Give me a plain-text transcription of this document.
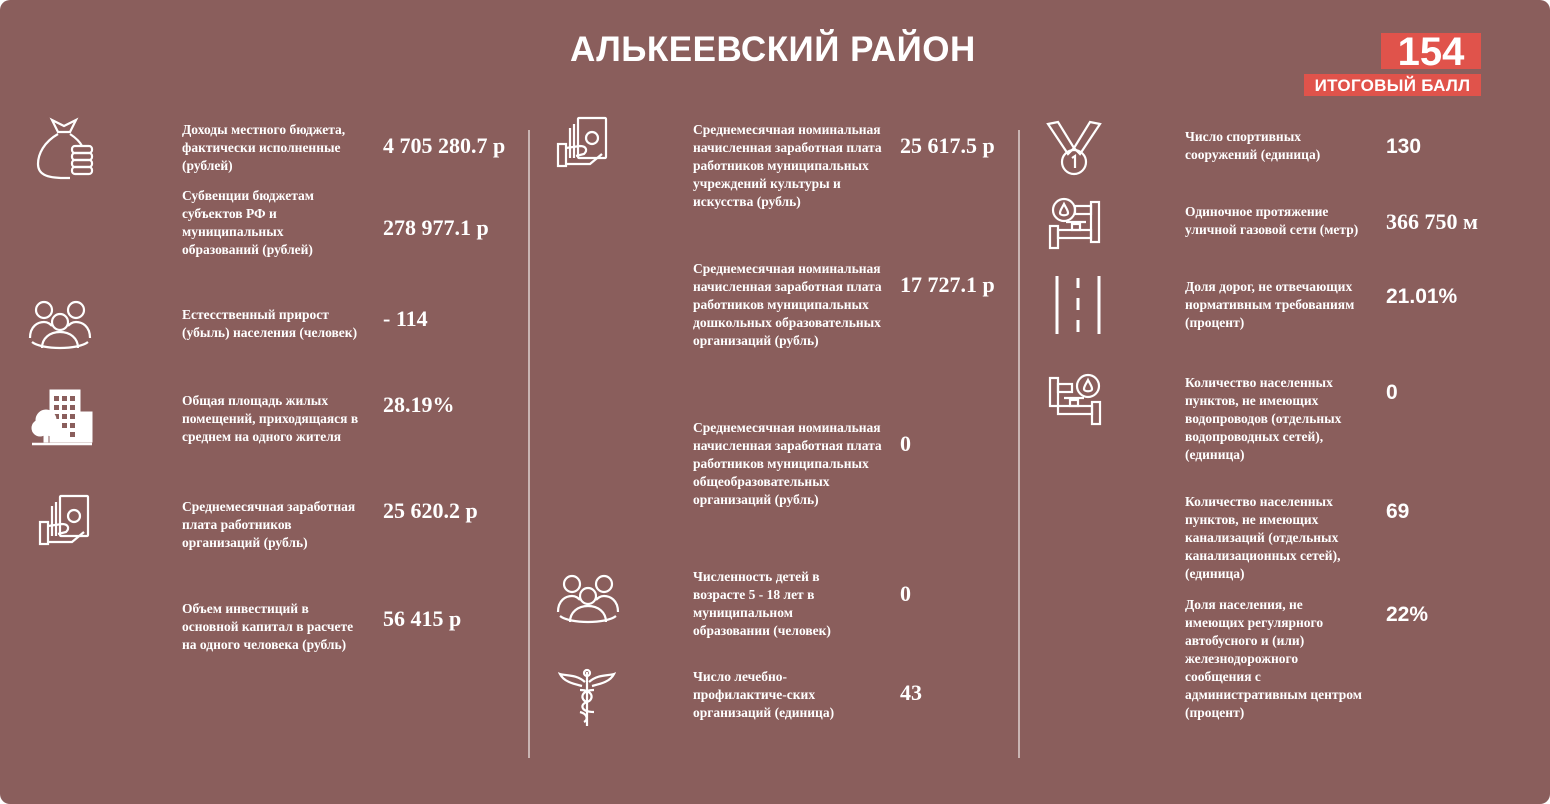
АЛЬКЕЕВСКИЙ РАЙОН	154
ИТОГОВЫЙ БАЛЛ
Доходы местного бюджета, фактически исполненные (рублей)
4 705 280.7 р
Субвенции бюджетам субъектов РФ и муниципальных образований (рублей)
278 977.1 р
Естесственный прирост (убыль) населения (человек)
- 114
Общая площадь жилых помещений, приходящаяся в среднем на одного жителя
28.19%
Среднемесячная заработная плата работников организаций (рубль)
25 620.2 р
Объем инвестиций в основной капитал в расчете на одного человека (рубль)
56 415 р
Среднемесячная номинальная начисленная заработная плата работников муниципальных учреждений культуры и искусства (рубль)
25 617.5 р
Среднемесячная номинальная начисленная заработная плата работников муниципальных дошкольных образовательных организаций (рубль)
17 727.1 р
Среднемесячная номинальная начисленная заработная плата работников муниципальных общеобразовательных организаций (рубль)
0
Численность детей в возрасте 5 - 18 лет в муниципальном образовании (человек)
0
Число лечебно-профилактиче-ских организаций (единица)
43
Число спортивных сооружений (единица)	130
Одиночное протяжение уличной газовой сети (метр)	366 750 м
Доля дорог, не отвечающих нормативным требованиям (процент)
21.01%
Количество населенных пунктов, не имеющих водопроводов (отдельных водопроводных сетей), (единица)
0
Количество населенных пунктов, не имеющих канализаций (отдельных канализационных сетей), (единица)
69
Доля населения, не имеющих регулярного автобусного и (или) железнодорожного сообщения с административным центром (процент)
22%
